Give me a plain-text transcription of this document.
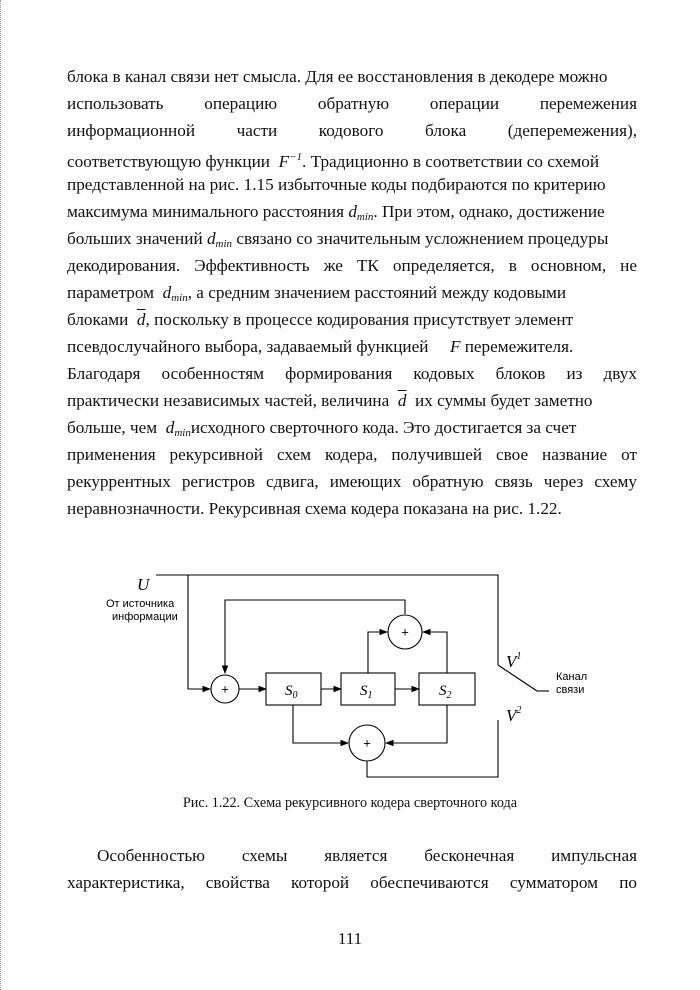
блока в канал связи нет смысла. Для ее восстановления в декодере можно
использовать операцию обратную операции перемежения
информационной части кодового блока (деперемежения),
соответствующую функции $F^{-1}$. Традиционно в соответствии со схемой
представленной на рис. 1.15 избыточные коды подбираются по критерию
максимума минимального расстояния $d_{min}$. При этом, однако, достижение
больших значений $d_{min}$ связано со значительным усложнением процедуры
декодирования. Эффективность же ТК определяется, в основном, не
параметром $d_{min}$, а средним значением расстояний между кодовыми
блоками $\overline{d}$, поскольку в процессе кодирования присутствует элемент
псевдослучайного выбора, задаваемый функцией F перемежителя.
Благодаря особенностям формирования кодовых блоков из двух
практически независимых частей, величина $\overline{d}$ их суммы будет заметно
больше, чем $d_{min}исходного$ сверточного кода. Это достигается за счет
применения рекурсивной схем кодера, получившей свое название от
рекуррентных регистров сдвига, имеющих обратную связь через схему
неравнозначности. Рекурсивная схема кодера показана на рис. 1.22.
+
+
+
U
От источника
информации
$S_0$	$S_1$	$S_2$
$V^1$
$V^2$
Канал
связи
Рис. 1.22. Схема рекурсивного кодера сверточного кода
Особенностью схемы является бесконечная импульсная
характеристика, свойства которой обеспечиваются сумматором по
111
